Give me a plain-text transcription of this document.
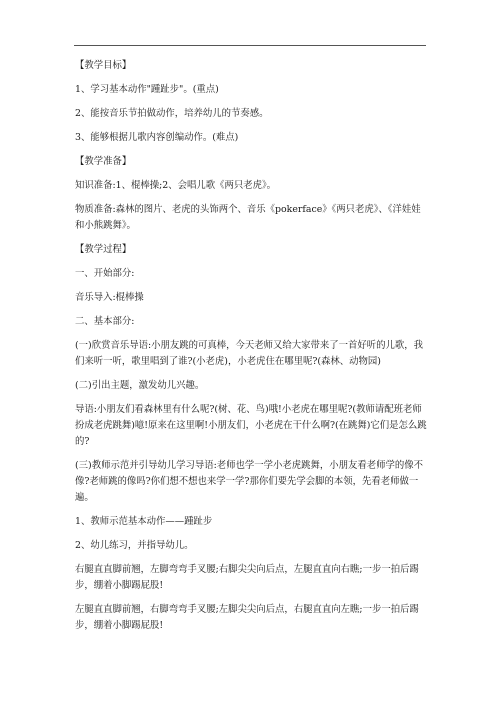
【教学目标】

1、学习基本动作"踵趾步"。(重点)

2、能按音乐节拍做动作，培养幼儿的节奏感。

3、能够根据儿歌内容创编动作。(难点)

【教学准备】

知识准备:1、棍棒操;2、会唱儿歌《两只老虎》。

物质准备:森林的图片、老虎的头饰两个、音乐《pokerface》《两只老虎》、《洋娃娃和小熊跳舞》。

【教学过程】

一、开始部分:

音乐导入:棍棒操

二、基本部分:

(一)欣赏音乐导语:小朋友跳的可真棒，今天老师又给大家带来了一首好听的儿歌，我们来听一听，歌里唱到了谁?(小老虎)，小老虎住在哪里呢?(森林、动物园)

(二)引出主题，激发幼儿兴趣。

导语:小朋友们看森林里有什么呢?(树、花、鸟)哦!小老虎在哪里呢?(教师请配班老师扮成老虎跳舞)噫!原来在这里啊!小朋友们，小老虎在干什么啊?(在跳舞)它们是怎么跳的?

(三)教师示范并引导幼儿学习导语:老师也学一学小老虎跳舞，小朋友看老师学的像不像?老师跳的像吗?你们想不想也来学一学?那你们要先学会脚的本领，先看老师做一遍。

1、教师示范基本动作——踵趾步

2、幼儿练习，并指导幼儿。

右腿直直脚前翘，左脚弯弯手叉腰;右脚尖尖向后点，左腿直直向右瞧;一步一拍后踢步，绷着小脚踢屁股!

左腿直直脚前翘，右脚弯弯手叉腰;左脚尖尖向后点，右腿直直向左瞧;一步一拍后踢步，绷着小脚踢屁股!
